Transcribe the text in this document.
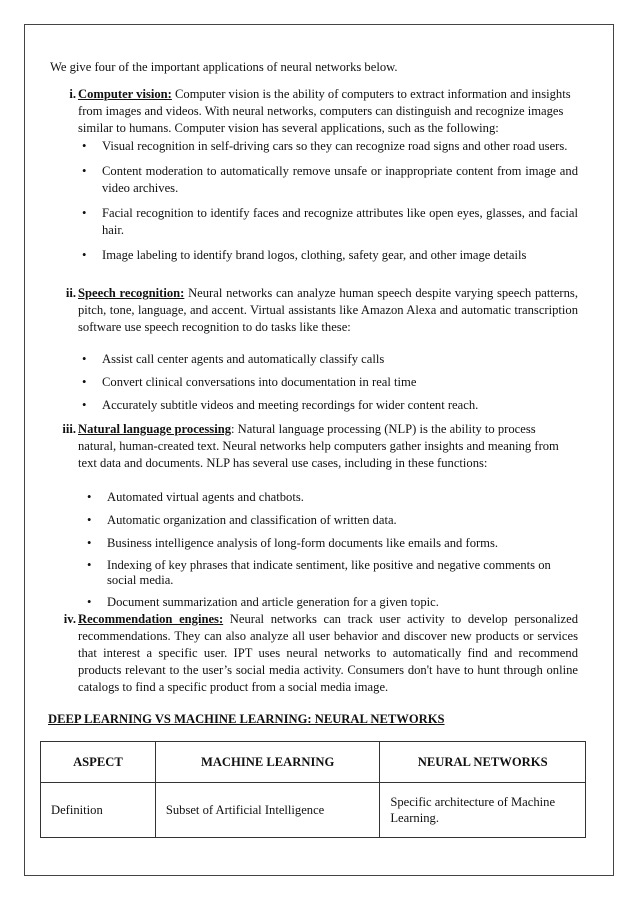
We give four of the important applications of neural networks below.
i. Computer vision: Computer vision is the ability of computers to extract information and insights
from images and videos. With neural networks, computers can distinguish and recognize images
similar to humans. Computer vision has several applications, such as the following:
• Visual recognition in self-driving cars so they can recognize road signs and other road users.
• Content moderation to automatically remove unsafe or inappropriate content from image and video archives.
• Facial recognition to identify faces and recognize attributes like open eyes, glasses, and facial hair.
• Image labeling to identify brand logos, clothing, safety gear, and other image details
ii. Speech recognition: Neural networks can analyze human speech despite varying speech patterns, pitch, tone, language, and accent. Virtual assistants like Amazon Alexa and automatic transcription software use speech recognition to do tasks like these:
• Assist call center agents and automatically classify calls
• Convert clinical conversations into documentation in real time
• Accurately subtitle videos and meeting recordings for wider content reach.
iii. Natural language processing: Natural language processing (NLP) is the ability to process
natural, human-created text. Neural networks help computers gather insights and meaning from
text data and documents. NLP has several use cases, including in these functions:
• Automated virtual agents and chatbots.
• Automatic organization and classification of written data.
• Business intelligence analysis of long-form documents like emails and forms.
• Indexing of key phrases that indicate sentiment, like positive and negative comments on social media.
• Document summarization and article generation for a given topic.
iv. Recommendation engines: Neural networks can track user activity to develop personalized recommendations. They can also analyze all user behavior and discover new products or services that interest a specific user. IPT uses neural networks to automatically find and recommend products relevant to the user’s social media activity. Consumers don't have to hunt through online catalogs to find a specific product from a social media image.
DEEP LEARNING VS MACHINE LEARNING: NEURAL NETWORKS
ASPECT	MACHINE LEARNING	NEURAL NETWORKS
Definition	Subset of Artificial Intelligence	Specific architecture of Machine Learning.
